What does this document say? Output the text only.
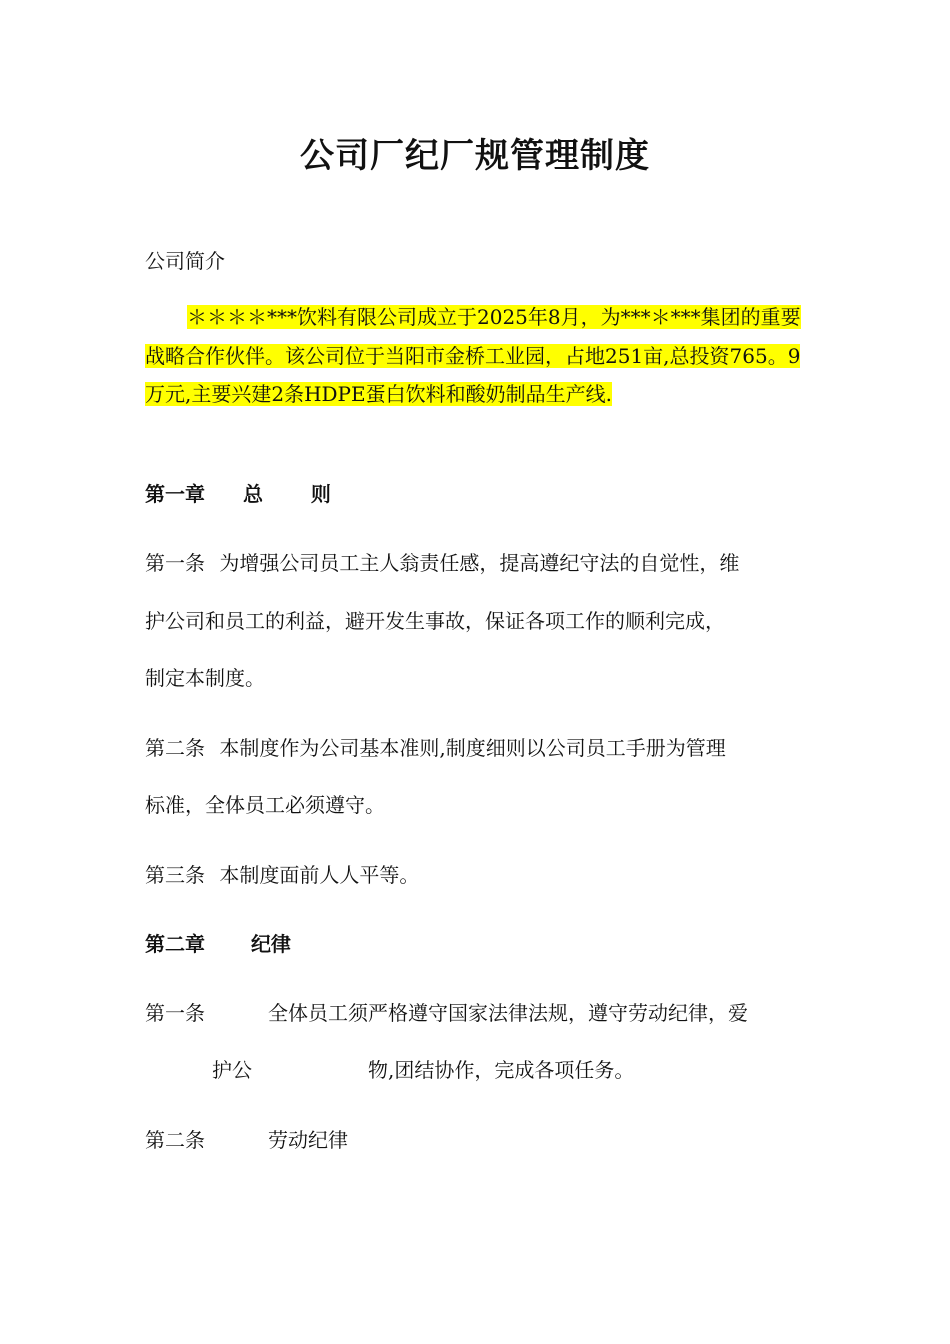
公司厂纪厂规管理制度
公司简介
＊＊＊＊***饮料有限公司成立于2025年8月，为***＊***集团的重要战略合作伙伴。该公司位于当阳市金桥工业园，占地251亩,总投资765。9万元,主要兴建2条HDPE蛋白饮料和酸奶制品生产线.
第一章 总 则
第一条 为增强公司员工主人翁责任感，提高遵纪守法的自觉性，维
护公司和员工的利益，避开发生事故，保证各项工作的顺利完成，
制定本制度。
第二条 本制度作为公司基本准则,制度细则以公司员工手册为管理
标准，全体员工必须遵守。
第三条 本制度面前人人平等。
第二章 纪律
第一条	全体员工须严格遵守国家法律法规，遵守劳动纪律，爱
护公	物,团结协作，完成各项任务。
第二条	劳动纪律
